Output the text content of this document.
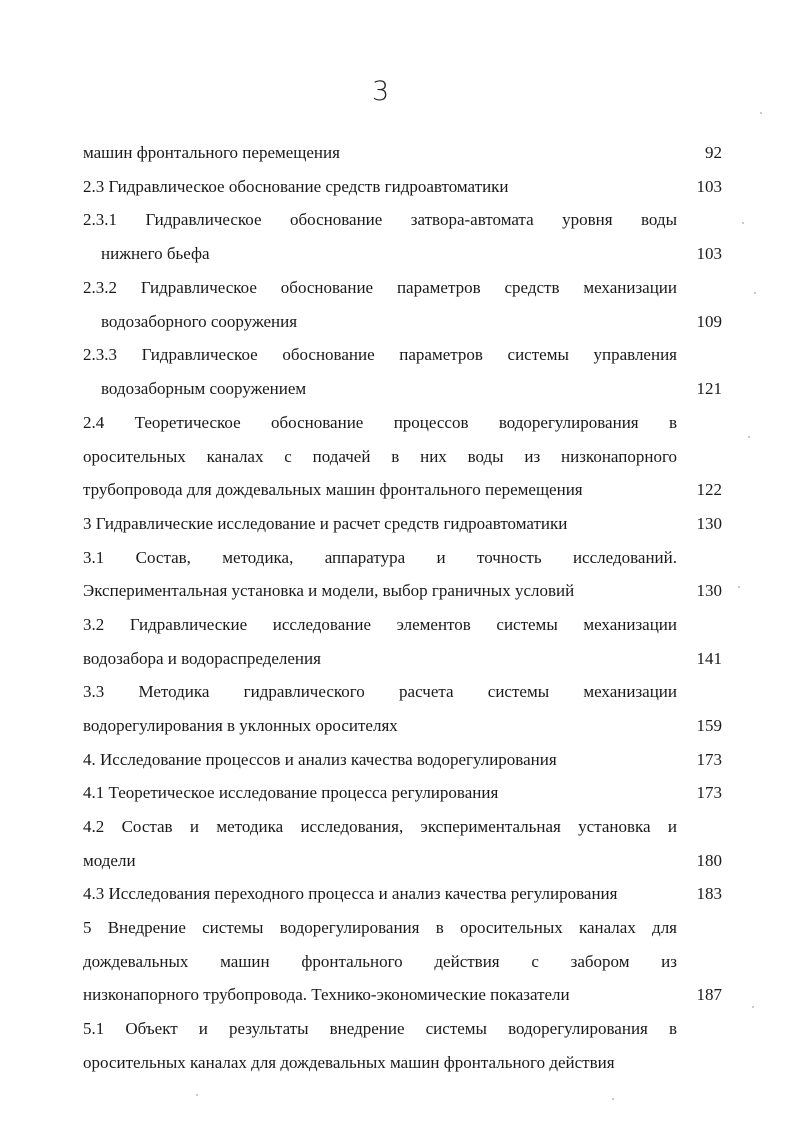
3
машин фронтального перемещения	92
2.3 Гидравлическое обоснование средств гидроавтоматики	103
2.3.1 Гидравлическое обоснование затвора-автомата уровня воды
нижнего бьефа	103
2.3.2 Гидравлическое обоснование параметров средств механизации
водозаборного сооружения	109
2.3.3 Гидравлическое обоснование параметров системы управления
водозаборным сооружением	121
2.4 Теоретическое обоснование процессов водорегулирования в
оросительных каналах с подачей в них воды из низконапорного
трубопровода для дождевальных машин фронтального перемещения	122
3 Гидравлические исследование и расчет средств гидроавтоматики	130
3.1 Состав, методика, аппаратура и точность исследований.
Экспериментальная установка и модели, выбор граничных условий	130
3.2 Гидравлические исследование элементов системы механизации
водозабора и водораспределения	141
3.3 Методика гидравлического расчета системы механизации
водорегулирования в уклонных оросителях	159
4. Исследование процессов и анализ качества водорегулирования	173
4.1 Теоретическое исследование процесса регулирования	173
4.2 Состав и методика исследования, экспериментальная установка и
модели	180
4.3 Исследования переходного процесса и анализ качества регулирования	183
5 Внедрение системы водорегулирования в оросительных каналах для
дождевальных машин фронтального действия с забором из
низконапорного трубопровода. Технико-экономические показатели	187
5.1 Объект и результаты внедрение системы водорегулирования в
оросительных каналах для дождевальных машин фронтального действия
